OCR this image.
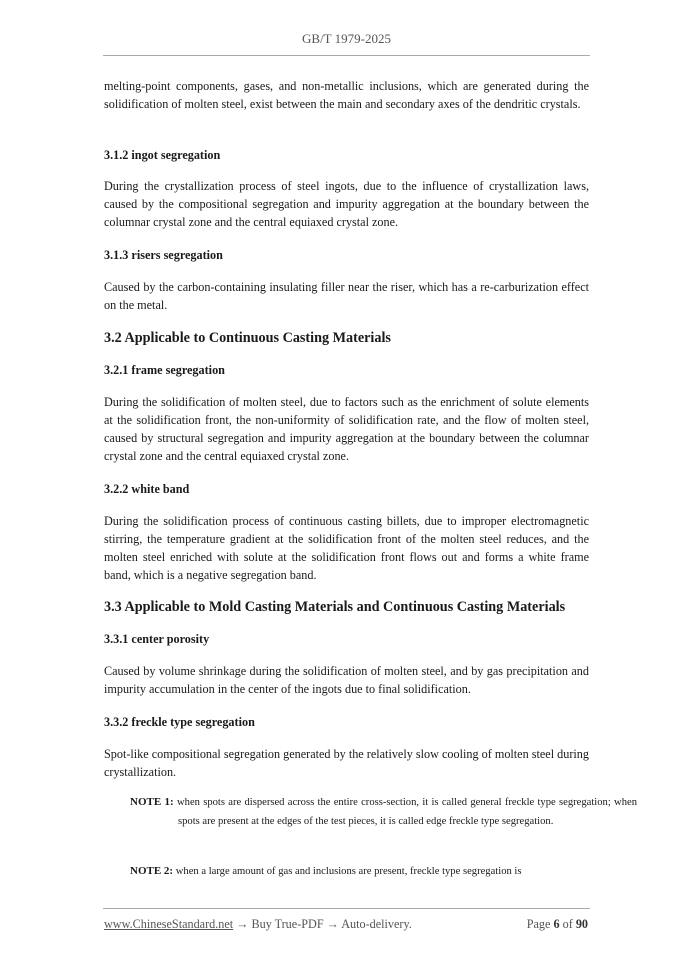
GB/T 1979-2025
melting-point components, gases, and non-metallic inclusions, which are generated during the solidification of molten steel, exist between the main and secondary axes of the dendritic crystals.
3.1.2 ingot segregation
During the crystallization process of steel ingots, due to the influence of crystallization laws, caused by the compositional segregation and impurity aggregation at the boundary between the columnar crystal zone and the central equiaxed crystal zone.
3.1.3 risers segregation
Caused by the carbon-containing insulating filler near the riser, which has a re-carburization effect on the metal.
3.2 Applicable to Continuous Casting Materials
3.2.1 frame segregation
During the solidification of molten steel, due to factors such as the enrichment of solute elements at the solidification front, the non-uniformity of solidification rate, and the flow of molten steel, caused by structural segregation and impurity aggregation at the boundary between the columnar crystal zone and the central equiaxed crystal zone.
3.2.2 white band
During the solidification process of continuous casting billets, due to improper electromagnetic stirring, the temperature gradient at the solidification front of the molten steel reduces, and the molten steel enriched with solute at the solidification front flows out and forms a white frame band, which is a negative segregation band.
3.3 Applicable to Mold Casting Materials and Continuous Casting Materials
3.3.1 center porosity
Caused by volume shrinkage during the solidification of molten steel, and by gas precipitation and impurity accumulation in the center of the ingots due to final solidification.
3.3.2 freckle type segregation
Spot-like compositional segregation generated by the relatively slow cooling of molten steel during crystallization.
NOTE 1: when spots are dispersed across the entire cross-section, it is called general freckle type segregation; when spots are present at the edges of the test pieces, it is called edge freckle type segregation.
NOTE 2: when a large amount of gas and inclusions are present, freckle type segregation is
www.ChineseStandard.net → Buy True-PDF → Auto-delivery.	Page 6 of 90
